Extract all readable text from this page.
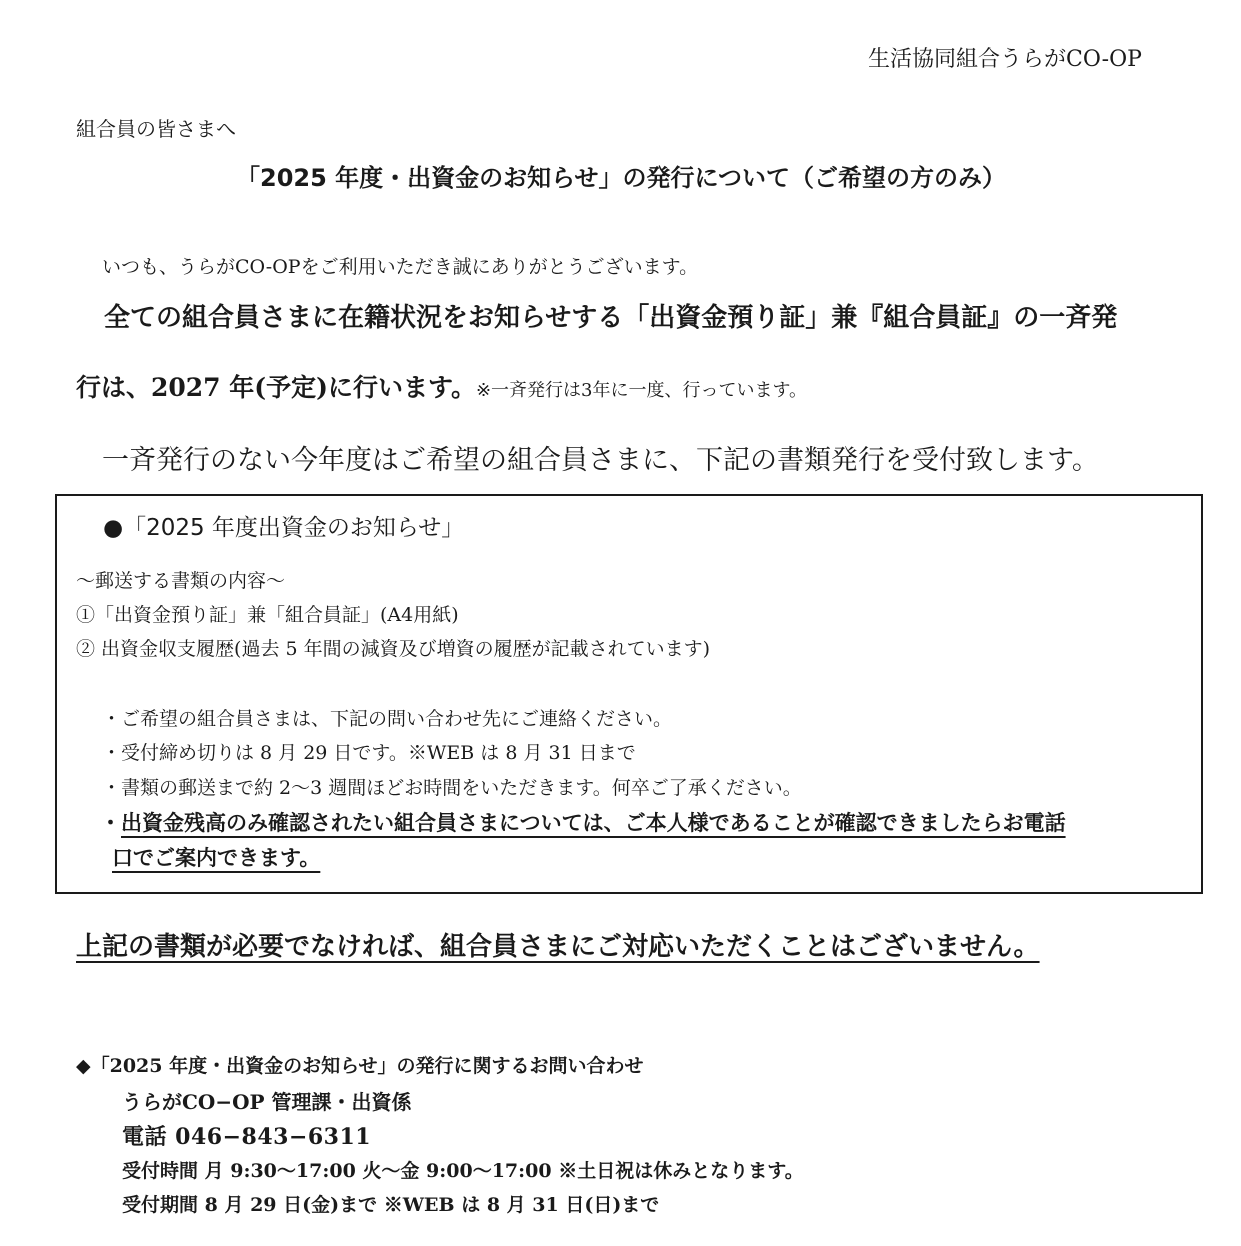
生活協同組合うらがCO-OP
組合員の皆さまへ
「2025 年度・出資金のお知らせ」の発行について（ご希望の方のみ）
いつも、うらがCO-OPをご利用いただき誠にありがとうございます。
全ての組合員さまに在籍状況をお知らせする「出資金預り証」兼『組合員証』の一斉発
行は、2027 年(予定)に行います。※一斉発行は3年に一度、行っています。
一斉発行のない今年度はご希望の組合員さまに、下記の書類発行を受付致します。
●「2025 年度出資金のお知らせ」
〜郵送する書類の内容〜
①「出資金預り証」兼「組合員証」(A4用紙)
② 出資金収支履歴(過去 5 年間の減資及び増資の履歴が記載されています)
・ご希望の組合員さまは、下記の問い合わせ先にご連絡ください。
・受付締め切りは 8 月 29 日です。※WEB は 8 月 31 日まで
・書類の郵送まで約 2〜3 週間ほどお時間をいただきます。何卒ご了承ください。
・出資金残高のみ確認されたい組合員さまについては、ご本人様であることが確認できましたらお電話
口でご案内できます。
上記の書類が必要でなければ、組合員さまにご対応いただくことはございません。
◆「2025 年度・出資金のお知らせ」の発行に関するお問い合わせ
うらがCO−OP 管理課・出資係
電話 046−843−6311
受付時間 月 9:30〜17:00 火〜金 9:00〜17:00 ※土日祝は休みとなります。
受付期間 8 月 29 日(金)まで ※WEB は 8 月 31 日(日)まで
